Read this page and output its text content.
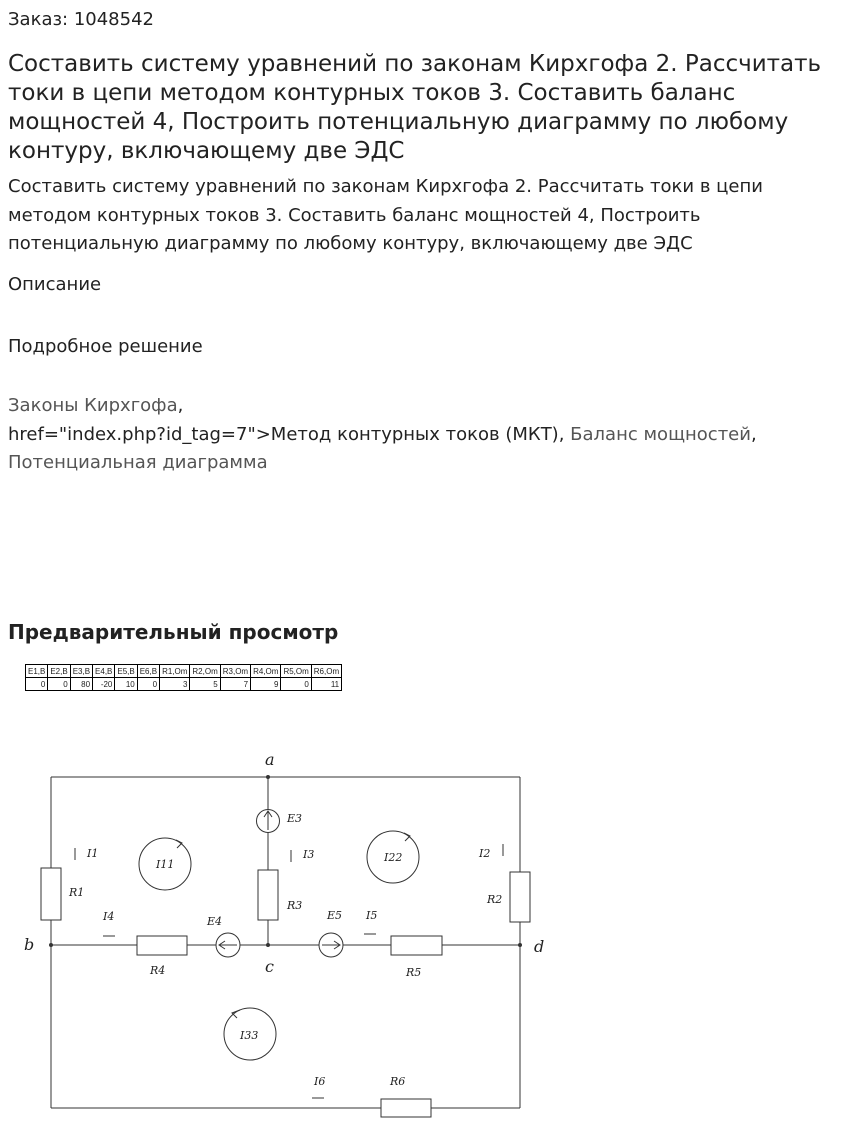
Заказ: 1048542
Составить систему уравнений по законам Кирхгофа 2. Рассчитать токи в цепи методом контурных токов 3. Составить баланс мощностей 4, Построить потенциальную диаграмму по любому контуру, включающему две ЭДС
Составить систему уравнений по законам Кирхгофа 2. Рассчитать токи в цепи методом контурных токов 3. Составить баланс мощностей 4, Построить потенциальную диаграмму по любому контуру, включающему две ЭДС
Описание
Подробное решение
Законы Кирхгофа,
href="index.php?id_tag=7">Метод контурных токов (МКТ), Баланс мощностей,
Потенциальная диаграмма
Предварительный просмотр
E1,B	E2,B	E3,B	E4,B	E5,B	E6,B	R1,Om	R2,Om	R3,Om	R4,Om	R5,Om	R6,Om
0	0	80	-20	10	0	3	5	7	9	0	11
a
b
c
d
R1
R2
R3
R4	R5
R6
E3
E4	E5
I1	I2
I3
I4	I5
I6
I11
I22
I33
